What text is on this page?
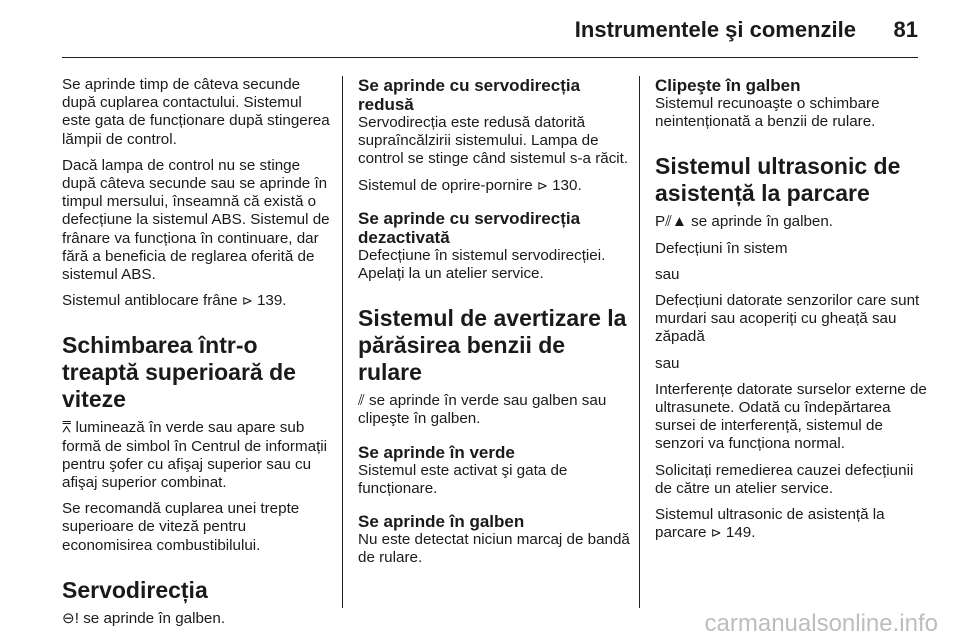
Instrumentele şi comenzile 81

Se aprinde timp de câteva secunde după cuplarea contactului. Sistemul este gata de funcționare după stingerea lămpii de control.

Dacă lampa de control nu se stinge după câteva secunde sau se aprinde în timpul mersului, înseamnă că există o defecțiune la sistemul ABS. Sistemul de frânare va funcționa în continuare, dar fără a beneficia de reglarea oferită de sistemul ABS.

Sistemul antiblocare frâne ⊳ 139.

Schimbarea într-o treaptă superioară de viteze

⩞ luminează în verde sau apare sub formă de simbol în Centrul de informații pentru şofer cu afişaj superior sau cu afişaj superior combinat.

Se recomandă cuplarea unei trepte superioare de viteză pentru economisirea combustibilului.

Servodirecția

⊖! se aprinde în galben.

Se aprinde cu servodirecția redusă

Servodirecția este redusă datorită supraîncălzirii sistemului. Lampa de control se stinge când sistemul s-a răcit.

Sistemul de oprire-pornire ⊳ 130.

Se aprinde cu servodirecția dezactivată

Defecțiune în sistemul servodirecției. Apelați la un atelier service.

Sistemul de avertizare la părăsirea benzii de rulare

⫽ se aprinde în verde sau galben sau clipeşte în galben.

Se aprinde în verde

Sistemul este activat şi gata de funcționare.

Se aprinde în galben

Nu este detectat niciun marcaj de bandă de rulare.

Clipeşte în galben

Sistemul recunoaşte o schimbare neintenționată a benzii de rulare.

Sistemul ultrasonic de asistență la parcare

P⫽▲ se aprinde în galben.

Defecțiuni în sistem

sau

Defecțiuni datorate senzorilor care sunt murdari sau acoperiți cu gheață sau zăpadă

sau

Interferențe datorate surselor externe de ultrasunete. Odată cu îndepărtarea sursei de interferență, sistemul de senzori va funcționa normal.

Solicitați remedierea cauzei defecțiunii de către un atelier service.

Sistemul ultrasonic de asistență la parcare ⊳ 149.

carmanualsonline.info
